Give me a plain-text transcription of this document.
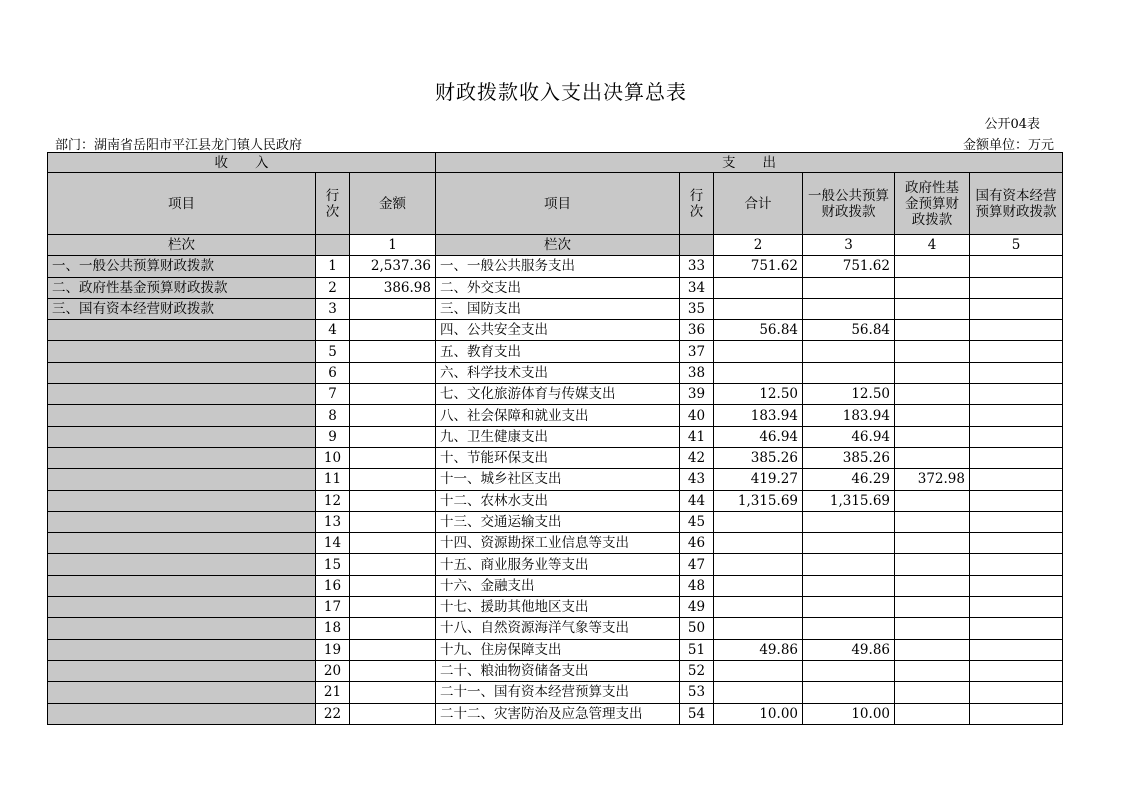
财政拨款收入支出决算总表
公开04表
部门：湖南省岳阳市平江县龙门镇人民政府	金额单位：万元
收　　入			支　　出					
项目	行次	金额	项目	行次	合计	一般公共预算财政拨款	政府性基金预算财政拨款	国有资本经营预算财政拨款
栏次		1	栏次		2	3	4	5
一、一般公共预算财政拨款	1	2,537.36	一、一般公共服务支出	33	751.62	751.62		
二、政府性基金预算财政拨款	2	386.98	二、外交支出	34				
三、国有资本经营财政拨款	3		三、国防支出	35				
	4		四、公共安全支出	36	56.84	56.84		
	5		五、教育支出	37				
	6		六、科学技术支出	38				
	7		七、文化旅游体育与传媒支出	39	12.50	12.50		
	8		八、社会保障和就业支出	40	183.94	183.94		
	9		九、卫生健康支出	41	46.94	46.94		
	10		十、节能环保支出	42	385.26	385.26		
	11		十一、城乡社区支出	43	419.27	46.29	372.98	
	12		十二、农林水支出	44	1,315.69	1,315.69		
	13		十三、交通运输支出	45				
	14		十四、资源勘探工业信息等支出	46				
	15		十五、商业服务业等支出	47				
	16		十六、金融支出	48				
	17		十七、援助其他地区支出	49				
	18		十八、自然资源海洋气象等支出	50				
	19		十九、住房保障支出	51	49.86	49.86		
	20		二十、粮油物资储备支出	52				
	21		二十一、国有资本经营预算支出	53				
	22		二十二、灾害防治及应急管理支出	54	10.00	10.00		
